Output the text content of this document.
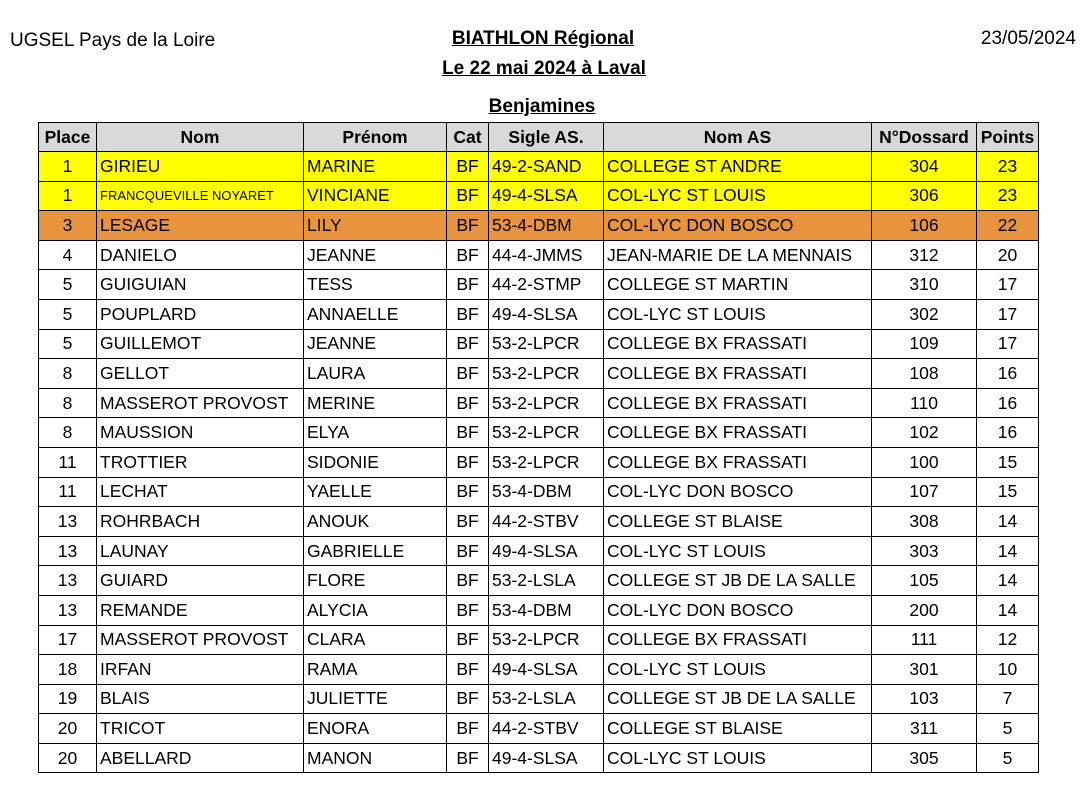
UGSEL Pays de la Loire	BIATHLON Régional
Le 22 mai 2024 à Laval
23/05/2024
Benjamines
Place	Nom	Prénom	Cat	Sigle AS.	Nom AS	N°Dossard	Points
1	GIRIEU	MARINE	BF	49-2-SAND	COLLEGE ST ANDRE	304	23
1	FRANCQUEVILLE NOYARET	VINCIANE	BF	49-4-SLSA	COL-LYC ST LOUIS	306	23
3	LESAGE	LILY	BF	53-4-DBM	COL-LYC DON BOSCO	106	22
4	DANIELO	JEANNE	BF	44-4-JMMS	JEAN-MARIE DE LA MENNAIS	312	20
5	GUIGUIAN	TESS	BF	44-2-STMP	COLLEGE ST MARTIN	310	17
5	POUPLARD	ANNAELLE	BF	49-4-SLSA	COL-LYC ST LOUIS	302	17
5	GUILLEMOT	JEANNE	BF	53-2-LPCR	COLLEGE BX FRASSATI	109	17
8	GELLOT	LAURA	BF	53-2-LPCR	COLLEGE BX FRASSATI	108	16
8	MASSEROT PROVOST	MERINE	BF	53-2-LPCR	COLLEGE BX FRASSATI	110	16
8	MAUSSION	ELYA	BF	53-2-LPCR	COLLEGE BX FRASSATI	102	16
11	TROTTIER	SIDONIE	BF	53-2-LPCR	COLLEGE BX FRASSATI	100	15
11	LECHAT	YAELLE	BF	53-4-DBM	COL-LYC DON BOSCO	107	15
13	ROHRBACH	ANOUK	BF	44-2-STBV	COLLEGE ST BLAISE	308	14
13	LAUNAY	GABRIELLE	BF	49-4-SLSA	COL-LYC ST LOUIS	303	14
13	GUIARD	FLORE	BF	53-2-LSLA	COLLEGE ST JB DE LA SALLE	105	14
13	REMANDE	ALYCIA	BF	53-4-DBM	COL-LYC DON BOSCO	200	14
17	MASSEROT PROVOST	CLARA	BF	53-2-LPCR	COLLEGE BX FRASSATI	111	12
18	IRFAN	RAMA	BF	49-4-SLSA	COL-LYC ST LOUIS	301	10
19	BLAIS	JULIETTE	BF	53-2-LSLA	COLLEGE ST JB DE LA SALLE	103	7
20	TRICOT	ENORA	BF	44-2-STBV	COLLEGE ST BLAISE	311	5
20	ABELLARD	MANON	BF	49-4-SLSA	COL-LYC ST LOUIS	305	5
